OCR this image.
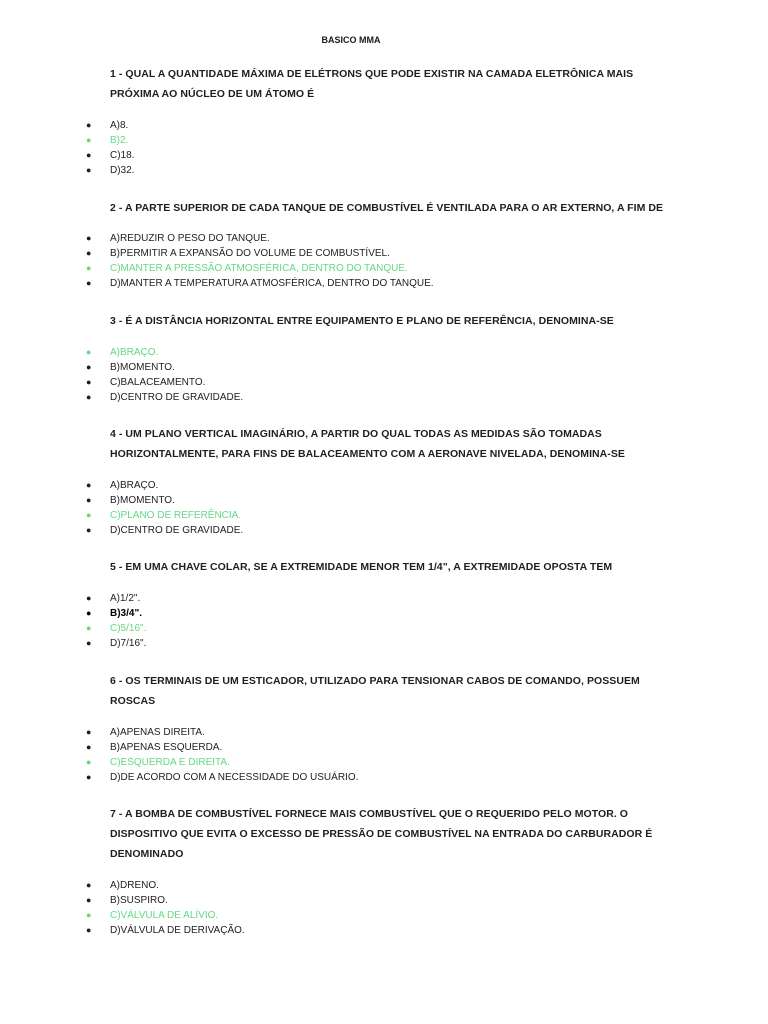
BASICO MMA
1 - QUAL A QUANTIDADE MÁXIMA DE ELÉTRONS QUE PODE EXISTIR NA CAMADA ELETRÔNICA MAIS
PRÓXIMA AO NÚCLEO DE UM ÁTOMO É
● A)8.
● B)2.
● C)18.
● D)32.
2 - A PARTE SUPERIOR DE CADA TANQUE DE COMBUSTÍVEL É VENTILADA PARA O AR EXTERNO, A FIM DE
● A)REDUZIR O PESO DO TANQUE.
● B)PERMITIR A EXPANSÃO DO VOLUME DE COMBUSTÍVEL.
● C)MANTER A PRESSÃO ATMOSFÉRICA, DENTRO DO TANQUE.
● D)MANTER A TEMPERATURA ATMOSFÉRICA, DENTRO DO TANQUE.
3 - É A DISTÂNCIA HORIZONTAL ENTRE EQUIPAMENTO E PLANO DE REFERÊNCIA, DENOMINA-SE
● A)BRAÇO.
● B)MOMENTO.
● C)BALACEAMENTO.
● D)CENTRO DE GRAVIDADE.
4 - UM PLANO VERTICAL IMAGINÁRIO, A PARTIR DO QUAL TODAS AS MEDIDAS SÃO TOMADAS
HORIZONTALMENTE, PARA FINS DE BALACEAMENTO COM A AERONAVE NIVELADA, DENOMINA-SE
● A)BRAÇO.
● B)MOMENTO.
● C)PLANO DE REFERÊNCIA.
● D)CENTRO DE GRAVIDADE.
5 - EM UMA CHAVE COLAR, SE A EXTREMIDADE MENOR TEM 1/4", A EXTREMIDADE OPOSTA TEM
● A)1/2".
● B)3/4".
● C)5/16".
● D)7/16".
6 - OS TERMINAIS DE UM ESTICADOR, UTILIZADO PARA TENSIONAR CABOS DE COMANDO, POSSUEM
ROSCAS
● A)APENAS DIREITA.
● B)APENAS ESQUERDA.
● C)ESQUERDA E DIREITA.
● D)DE ACORDO COM A NECESSIDADE DO USUÁRIO.
7 - A BOMBA DE COMBUSTÍVEL FORNECE MAIS COMBUSTÍVEL QUE O REQUERIDO PELO MOTOR. O
DISPOSITIVO QUE EVITA O EXCESSO DE PRESSÃO DE COMBUSTÍVEL NA ENTRADA DO CARBURADOR É
DENOMINADO
● A)DRENO.
● B)SUSPIRO.
● C)VÁLVULA DE ALÍVIO.
● D)VÁLVULA DE DERIVAÇÃO.
